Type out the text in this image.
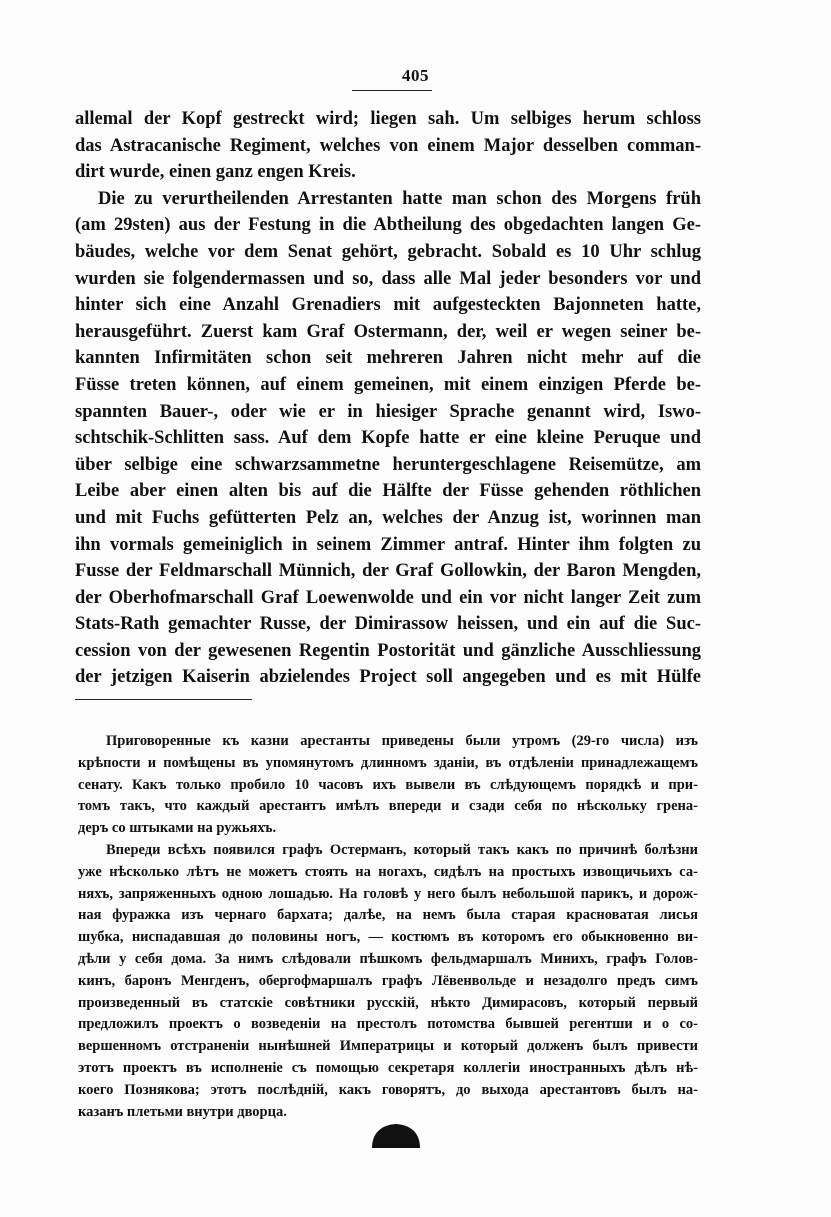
405
allemal der Kopf gestreckt wird; liegen sah. Um selbiges herum schloss
das Astracanische Regiment, welches von einem Major desselben comman-
dirt wurde, einen ganz engen Kreis.
Die zu verurtheilenden Arrestanten hatte man schon des Morgens früh
(am 29sten) aus der Festung in die Abtheilung des obgedachten langen Ge-
bäudes, welche vor dem Senat gehört, gebracht. Sobald es 10 Uhr schlug
wurden sie folgendermassen und so, dass alle Mal jeder besonders vor und
hinter sich eine Anzahl Grenadiers mit aufgesteckten Bajonneten hatte,
herausgeführt. Zuerst kam Graf Ostermann, der, weil er wegen seiner be-
kannten Infirmitäten schon seit mehreren Jahren nicht mehr auf die
Füsse treten können, auf einem gemeinen, mit einem einzigen Pferde be-
spannten Bauer-, oder wie er in hiesiger Sprache genannt wird, Iswo-
schtschik-Schlitten sass. Auf dem Kopfe hatte er eine kleine Peruque und
über selbige eine schwarzsammetne heruntergeschlagene Reisemütze, am
Leibe aber einen alten bis auf die Hälfte der Füsse gehenden röthlichen
und mit Fuchs gefütterten Pelz an, welches der Anzug ist, worinnen man
ihn vormals gemeiniglich in seinem Zimmer antraf. Hinter ihm folgten zu
Fusse der Feldmarschall Münnich, der Graf Gollowkin, der Baron Mengden,
der Oberhofmarschall Graf Loewenwolde und ein vor nicht langer Zeit zum
Stats-Rath gemachter Russe, der Dimirassow heissen, und ein auf die Suc-
cession von der gewesenen Regentin Postorität und gänzliche Ausschliessung
der jetzigen Kaiserin abzielendes Project soll angegeben und es mit Hülfe
Приговоренные къ казни арестанты приведены были утромъ (29-го числа) изъ
крѣпости и помѣщены въ упомянутомъ длинномъ зданіи, въ отдѣленіи принадлежащемъ
сенату. Какъ только пробило 10 часовъ ихъ вывели въ слѣдующемъ порядкѣ и при-
томъ такъ, что каждый арестантъ имѣлъ впереди и сзади себя по нѣскольку грена-
деръ со штыками на ружьяхъ.
Впереди всѣхъ появился графъ Остерманъ, который такъ какъ по причинѣ болѣзни
уже нѣсколько лѣтъ не можетъ стоять на ногахъ, сидѣлъ на простыхъ извощичьихъ са-
няхъ, запряженныхъ одною лошадью. На головѣ у него былъ небольшой парикъ, и дорож-
ная фуражка изъ чернаго бархата; далѣе, на немъ была старая красноватая лисья
шубка, ниспадавшая до половины ногъ, — костюмъ въ которомъ его обыкновенно ви-
дѣли у себя дома. За нимъ слѣдовали пѣшкомъ фельдмаршалъ Минихъ, графъ Голов-
кинъ, баронъ Менгденъ, обергофмаршалъ графъ Лёвенвольде и незадолго предъ симъ
произведенный въ статскіе совѣтники русскій, нѣкто Димирасовъ, который первый
предложилъ проектъ о возведеніи на престолъ потомства бывшей регентши и о со-
вершенномъ отстраненіи нынѣшней Императрицы и который долженъ былъ привести
этотъ проектъ въ исполненіе съ помощью секретаря коллегіи иностранныхъ дѣлъ нѣ-
коего Познякова; этотъ послѣдній, какъ говорятъ, до выхода арестантовъ былъ на-
казанъ плетьми внутри дворца.
